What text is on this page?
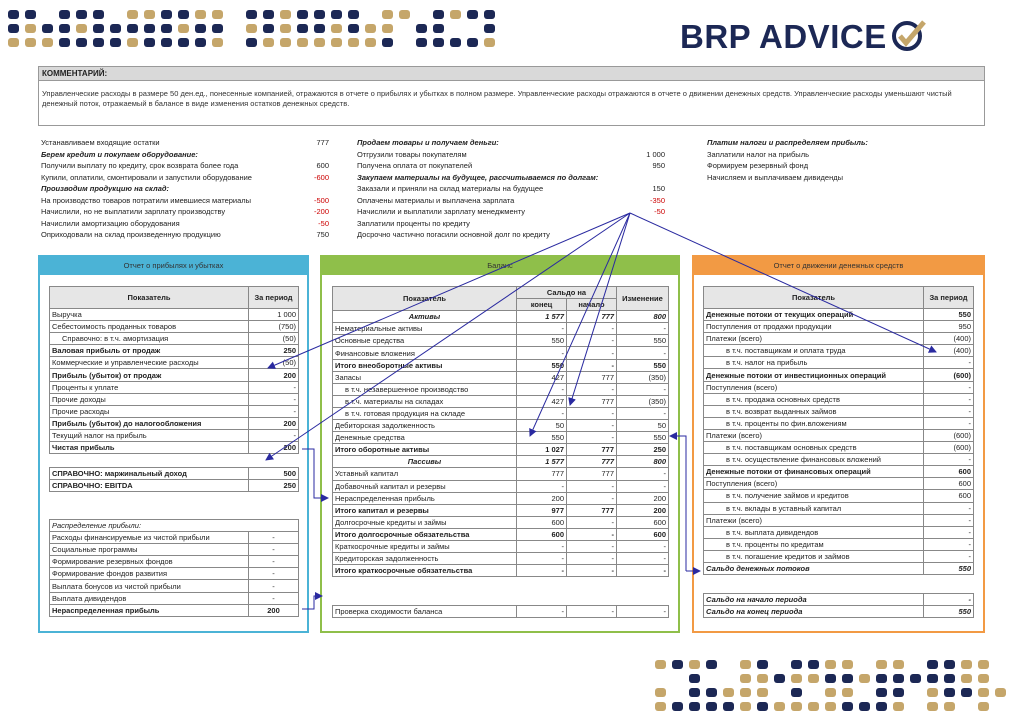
BRP ADVICE
КОММЕНТАРИЙ:
Управленческие расходы в размере 50 ден.ед., понесенные компанией, отражаются в отчете о прибылях и убытках в полном размере. Управленческие расходы отражаются в отчете о движении денежных средств. Управленческие расходы уменьшают чистый денежный поток, отражаемый в балансе в виде изменения остатков денежных средств.
Устанавливаем входящие остатки	777
Берем кредит и покупаем оборудование:
Получили выплату по кредиту, срок возврата более года	600
Купили, оплатили, смонтировали и запустили оборудование	-600
Производим продукцию на склад:
На производство товаров потратили имевшиеся материалы	-500
Начислили, но не выплатили зарплату производству	-200
Начислили амортизацию оборудования	-50
Оприходовали на склад произведенную продукцию	750
Продаем товары и получаем деньги:
Отгрузили товары покупателям	1 000
Получена оплата от покупателей	950
Закупаем материалы на будущее, рассчитываемся по долгам:
Заказали и приняли на склад материалы на будущее	150
Оплачены материалы и выплачена зарплата	-350
Начислили и выплатили зарплату менеджменту	-50
Заплатили проценты по кредиту
Досрочно частично погасили основной долг по кредиту
Платим налоги и распределяем прибыль:
Заплатили налог на прибыль
Формируем резервный фонд
Начисляем и выплачиваем дивиденды
Отчет о прибылях и убытках
Показатель	За период
Выручка	1 000
Себестоимость проданных товаров	(750)
Справочно: в т.ч. амортизация	(50)
Валовая прибыль от продаж	250
Коммерческие и управленческие расходы	(50)
Прибыль (убыток) от продаж	200
Проценты к уплате	-
Прочие доходы	-
Прочие расходы	-
Прибыль (убыток) до налогообложения	200
Текущий налог на прибыль	-
Чистая прибыль	200
СПРАВОЧНО: маржинальный доход	500
СПРАВОЧНО: EBITDA	250
Распределение прибыли:	
Расходы финансируемые из чистой прибыли	-
Социальные программы	-
Формирование резервных фондов	-
Формирование фондов развития	-
Выплата бонусов из чистой прибыли	-
Выплата дивидендов	-
Нераспределенная прибыль	200
Баланс
Показатель	Сальдо на		Изменение
	конец	начало	
Активы	1 577	777	800
Нематериальные активы	-	-	-
Основные средства	550	-	550
Финансовые вложения	-	-	-
Итого внеоборотные активы	550	-	550
Запасы	427	777	(350)
в т.ч. незавершенное производство	-	-	-
в т.ч. материалы на складах	427	777	(350)
в т.ч. готовая продукция на складе	-	-	-
Дебиторская задолженность	50	-	50
Денежные средства	550	-	550
Итого оборотные активы	1 027	777	250
Пассивы	1 577	777	800
Уставный капитал	777	777	-
Добавочный капитал и резервы	-	-	-
Нераспределенная прибыль	200	-	200
Итого капитал и резервы	977	777	200
Долгосрочные кредиты и займы	600	-	600
Итого долгосрочные обязательства	600	-	600
Краткосрочные кредиты и займы	-	-	-
Кредиторская задолженность	-	-	-
Итого краткосрочные обязательства	-	-	-
Проверка сходимости баланса	-	-	-
Отчет о движении денежных средств
Показатель	За период
Денежные потоки от текущих операций	550
Поступления от продажи продукции	950
Платежи (всего)	(400)
в т.ч. поставщикам и оплата труда	(400)
в т.ч. налог на прибыль	-
Денежные потоки от инвестиционных операций	(600)
Поступления (всего)	-
в т.ч. продажа основных средств	-
в т.ч. возврат выданных займов	-
в т.ч. проценты по фин.вложениям	-
Платежи (всего)	(600)
в т.ч. поставщикам основных средств	(600)
в т.ч. осуществление финансовых вложений	-
Денежные потоки от финансовых операций	600
Поступления (всего)	600
в т.ч. получение займов и кредитов	600
в т.ч. вклады в уставный капитал	-
Платежи (всего)	-
в т.ч. выплата дивидендов	-
в т.ч. проценты по кредитам	-
в т.ч. погашение кредитов и займов	-
Сальдо денежных потоков	550
Сальдо на начало периода	-
Сальдо на конец периода	550
